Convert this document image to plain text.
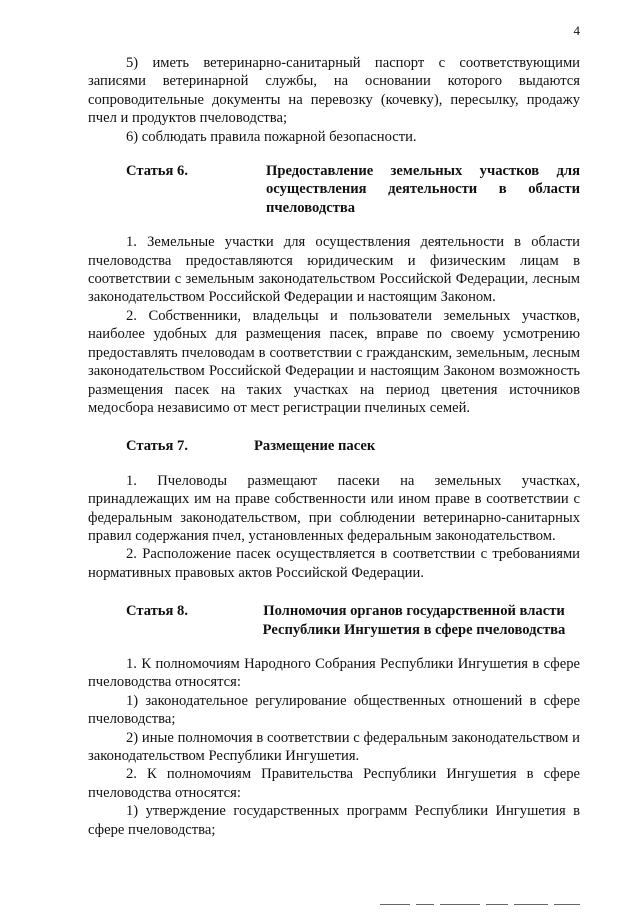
4

5) иметь ветеринарно-санитарный паспорт с соответствующими записями ветеринарной службы, на основании которого выдаются сопроводительные документы на перевозку (кочевку), пересылку, продажу пчел и продуктов пчеловодства;

6) соблюдать правила пожарной безопасности.

Статья 6.	Предоставление земельных участков для осуществления деятельности в области пчеловодства

1. Земельные участки для осуществления деятельности в области пчеловодства предоставляются юридическим и физическим лицам в соответствии с земельным законодательством Российской Федерации, лесным законодательством Российской Федерации и настоящим Законом.

2. Собственники, владельцы и пользователи земельных участков, наиболее удобных для размещения пасек, вправе по своему усмотрению предоставлять пчеловодам в соответствии с гражданским, земельным, лесным законодательством Российской Федерации и настоящим Законом возможность размещения пасек на таких участках на период цветения источников медосбора независимо от мест регистрации пчелиных семей.

Статья 7.	Размещение пасек

1. Пчеловоды размещают пасеки на земельных участках, принадлежащих им на праве собственности или ином праве в соответствии с федеральным законодательством, при соблюдении ветеринарно-санитарных правил содержания пчел, установленных федеральным законодательством.

2. Расположение пасек осуществляется в соответствии с требованиями нормативных правовых актов Российской Федерации.

Статья 8.	Полномочия органов государственной власти Республики Ингушетия в сфере пчеловодства

1. К полномочиям Народного Собрания Республики Ингушетия в сфере пчеловодства относятся:

1) законодательное регулирование общественных отношений в сфере пчеловодства;

2) иные полномочия в соответствии с федеральным законодательством и законодательством Республики Ингушетия.

2. К полномочиям Правительства Республики Ингушетия в сфере пчеловодства относятся:

1) утверждение государственных программ Республики Ингушетия в сфере пчеловодства;
